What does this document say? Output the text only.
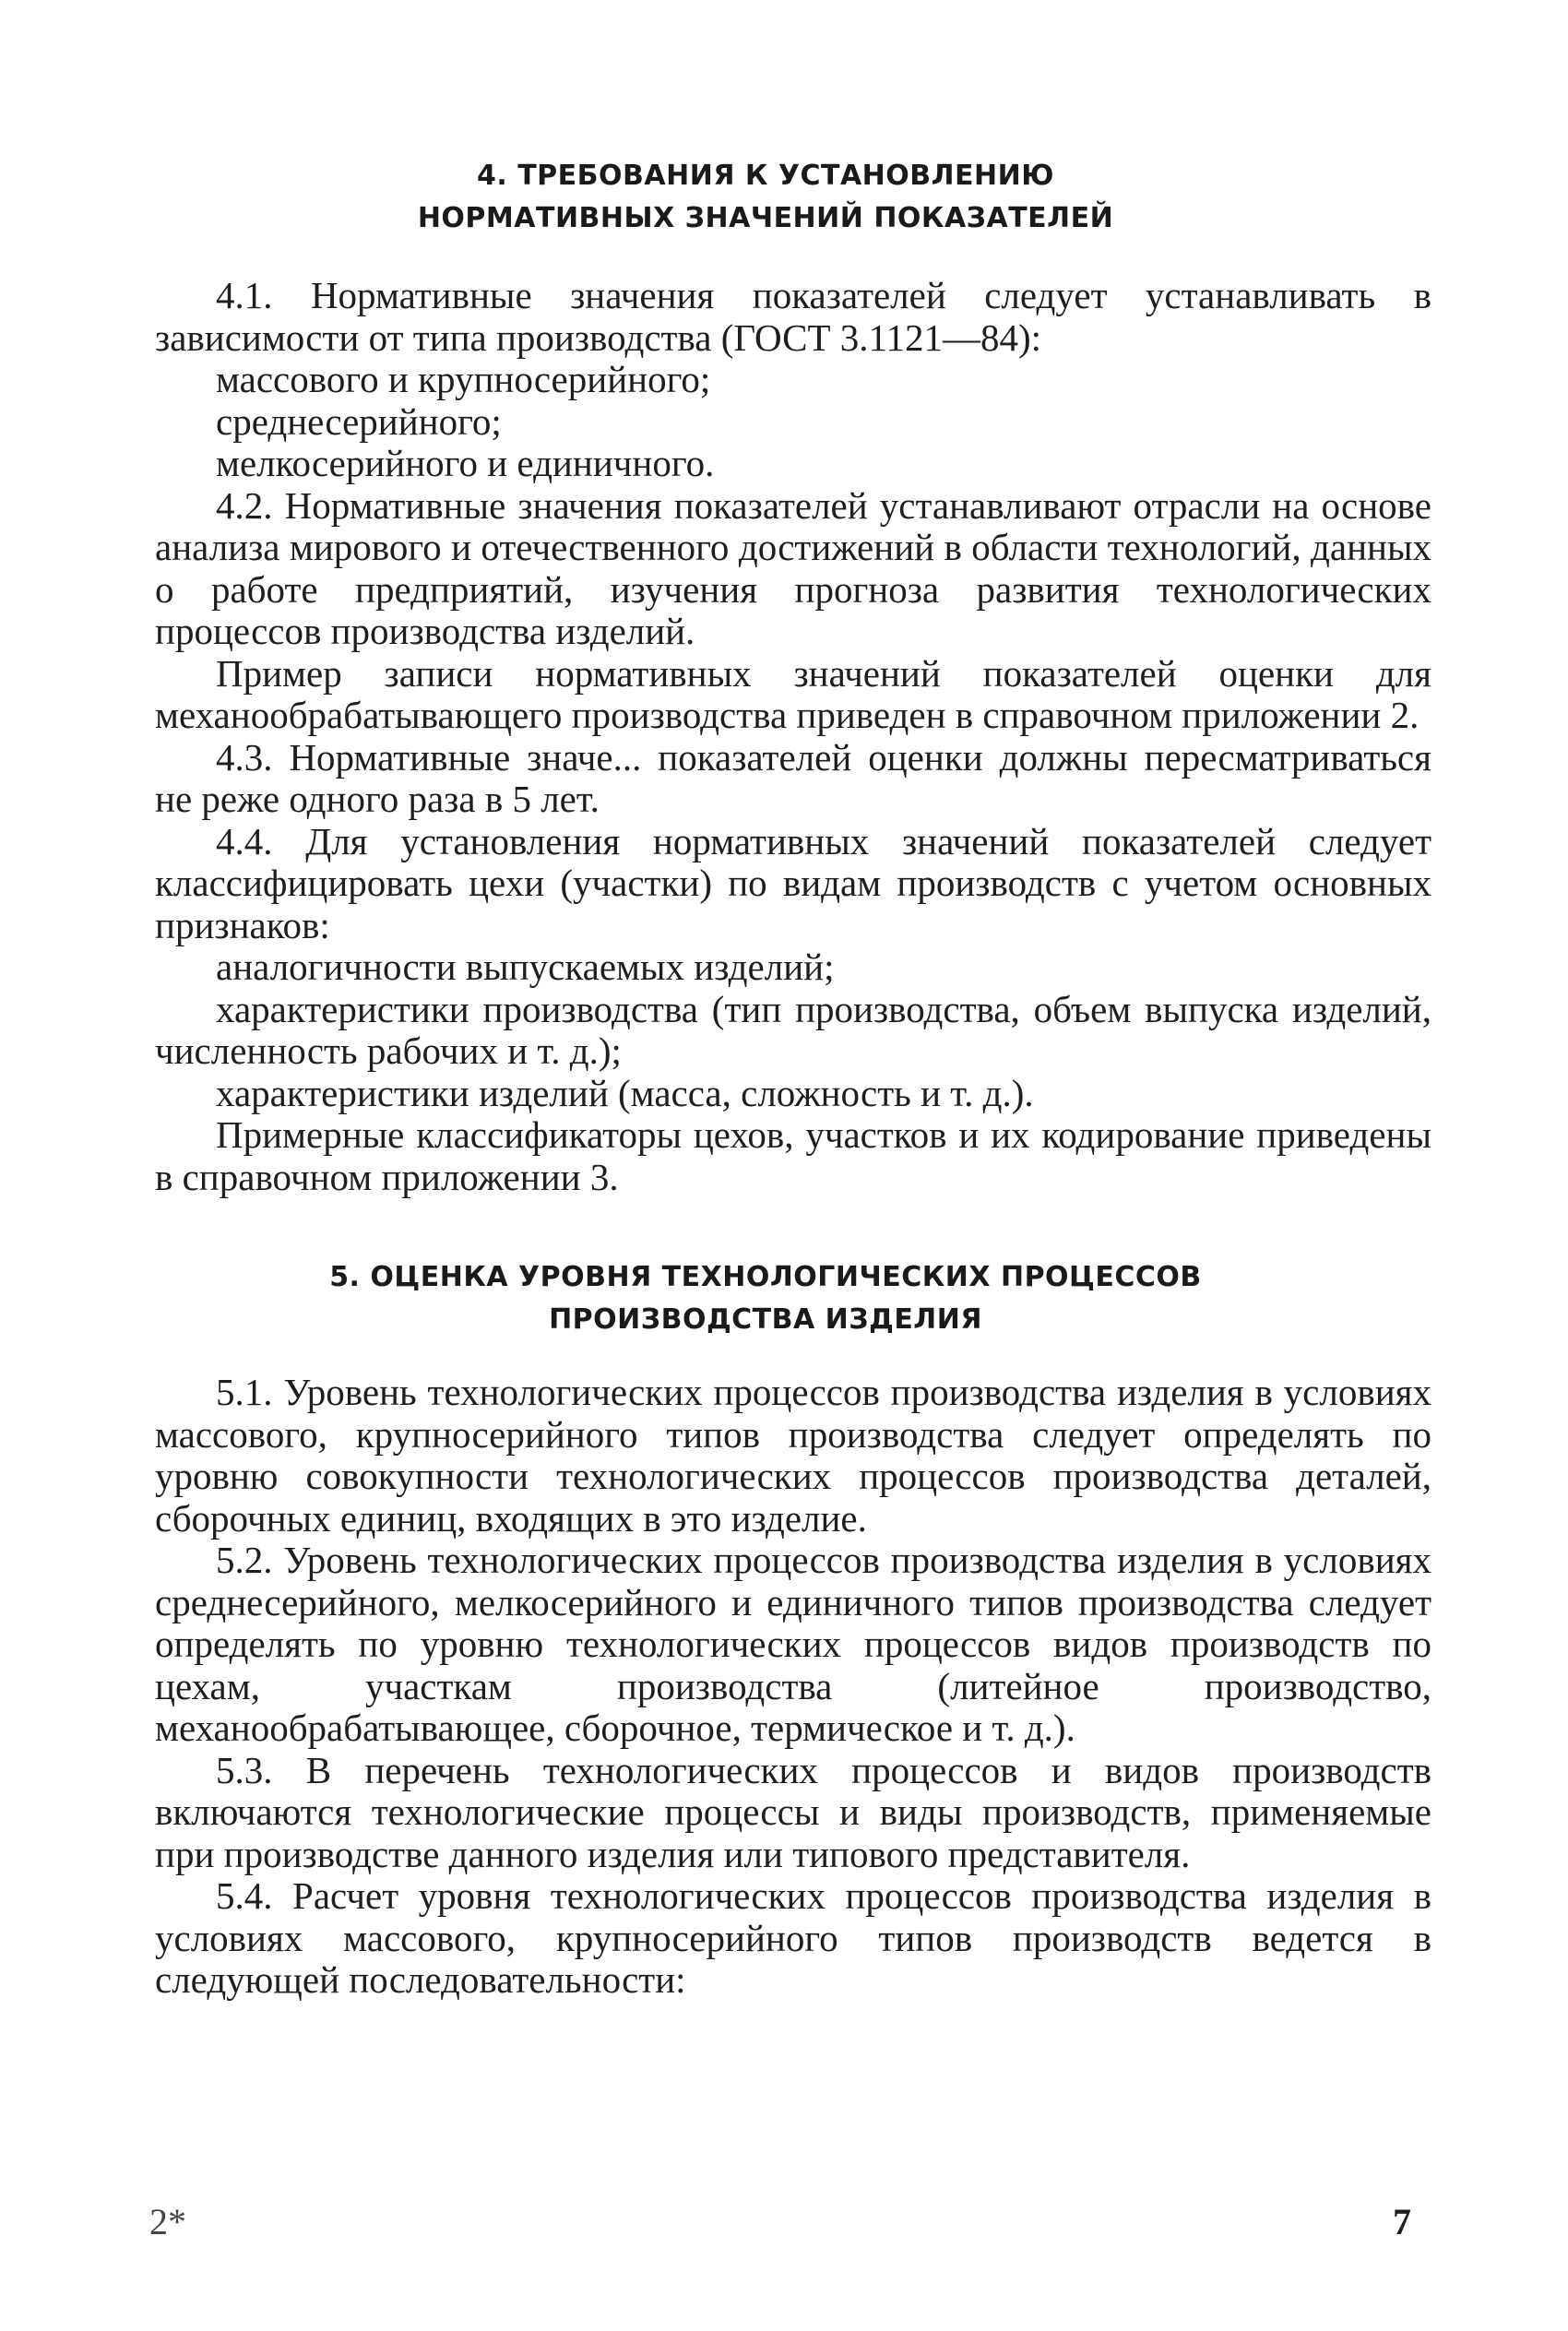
4. ТРЕБОВАНИЯ К УСТАНОВЛЕНИЮ
НОРМАТИВНЫХ ЗНАЧЕНИЙ ПОКАЗАТЕЛЕЙ
4.1. Нормативные значения показателей следует устанавливать в зависимости от типа производства (ГОСТ 3.1121—84):
массового и крупносерийного;
среднесерийного;
мелкосерийного и единичного.
4.2. Нормативные значения показателей устанавливают отрасли на основе анализа мирового и отечественного достижений в области технологий, данных о работе предприятий, изучения прогноза развития технологических процессов производства изделий.
Пример записи нормативных значений показателей оценки для механообрабатывающего производства приведен в справочном приложении 2.
4.3. Нормативные значе... показателей оценки должны пересматриваться не реже одного раза в 5 лет.
4.4. Для установления нормативных значений показателей следует классифицировать цехи (участки) по видам производств с учетом основных признаков:
аналогичности выпускаемых изделий;
характеристики производства (тип производства, объем выпуска изделий, численность рабочих и т. д.);
характеристики изделий (масса, сложность и т. д.).
Примерные классификаторы цехов, участков и их кодирование приведены в справочном приложении 3.
5. ОЦЕНКА УРОВНЯ ТЕХНОЛОГИЧЕСКИХ ПРОЦЕССОВ
ПРОИЗВОДСТВА ИЗДЕЛИЯ
5.1. Уровень технологических процессов производства изделия в условиях массового, крупносерийного типов производства следует определять по уровню совокупности технологических процессов производства деталей, сборочных единиц, входящих в это изделие.
5.2. Уровень технологических процессов производства изделия в условиях среднесерийного, мелкосерийного и единичного типов производства следует определять по уровню технологических процессов видов производств по цехам, участкам производства (литейное производство, механообрабатывающее, сборочное, термическое и т. д.).
5.3. В перечень технологических процессов и видов производств включаются технологические процессы и виды производств, применяемые при производстве данного изделия или типового представителя.
5.4. Расчет уровня технологических процессов производства изделия в условиях массового, крупносерийного типов производств ведется в следующей последовательности:
2*	7
